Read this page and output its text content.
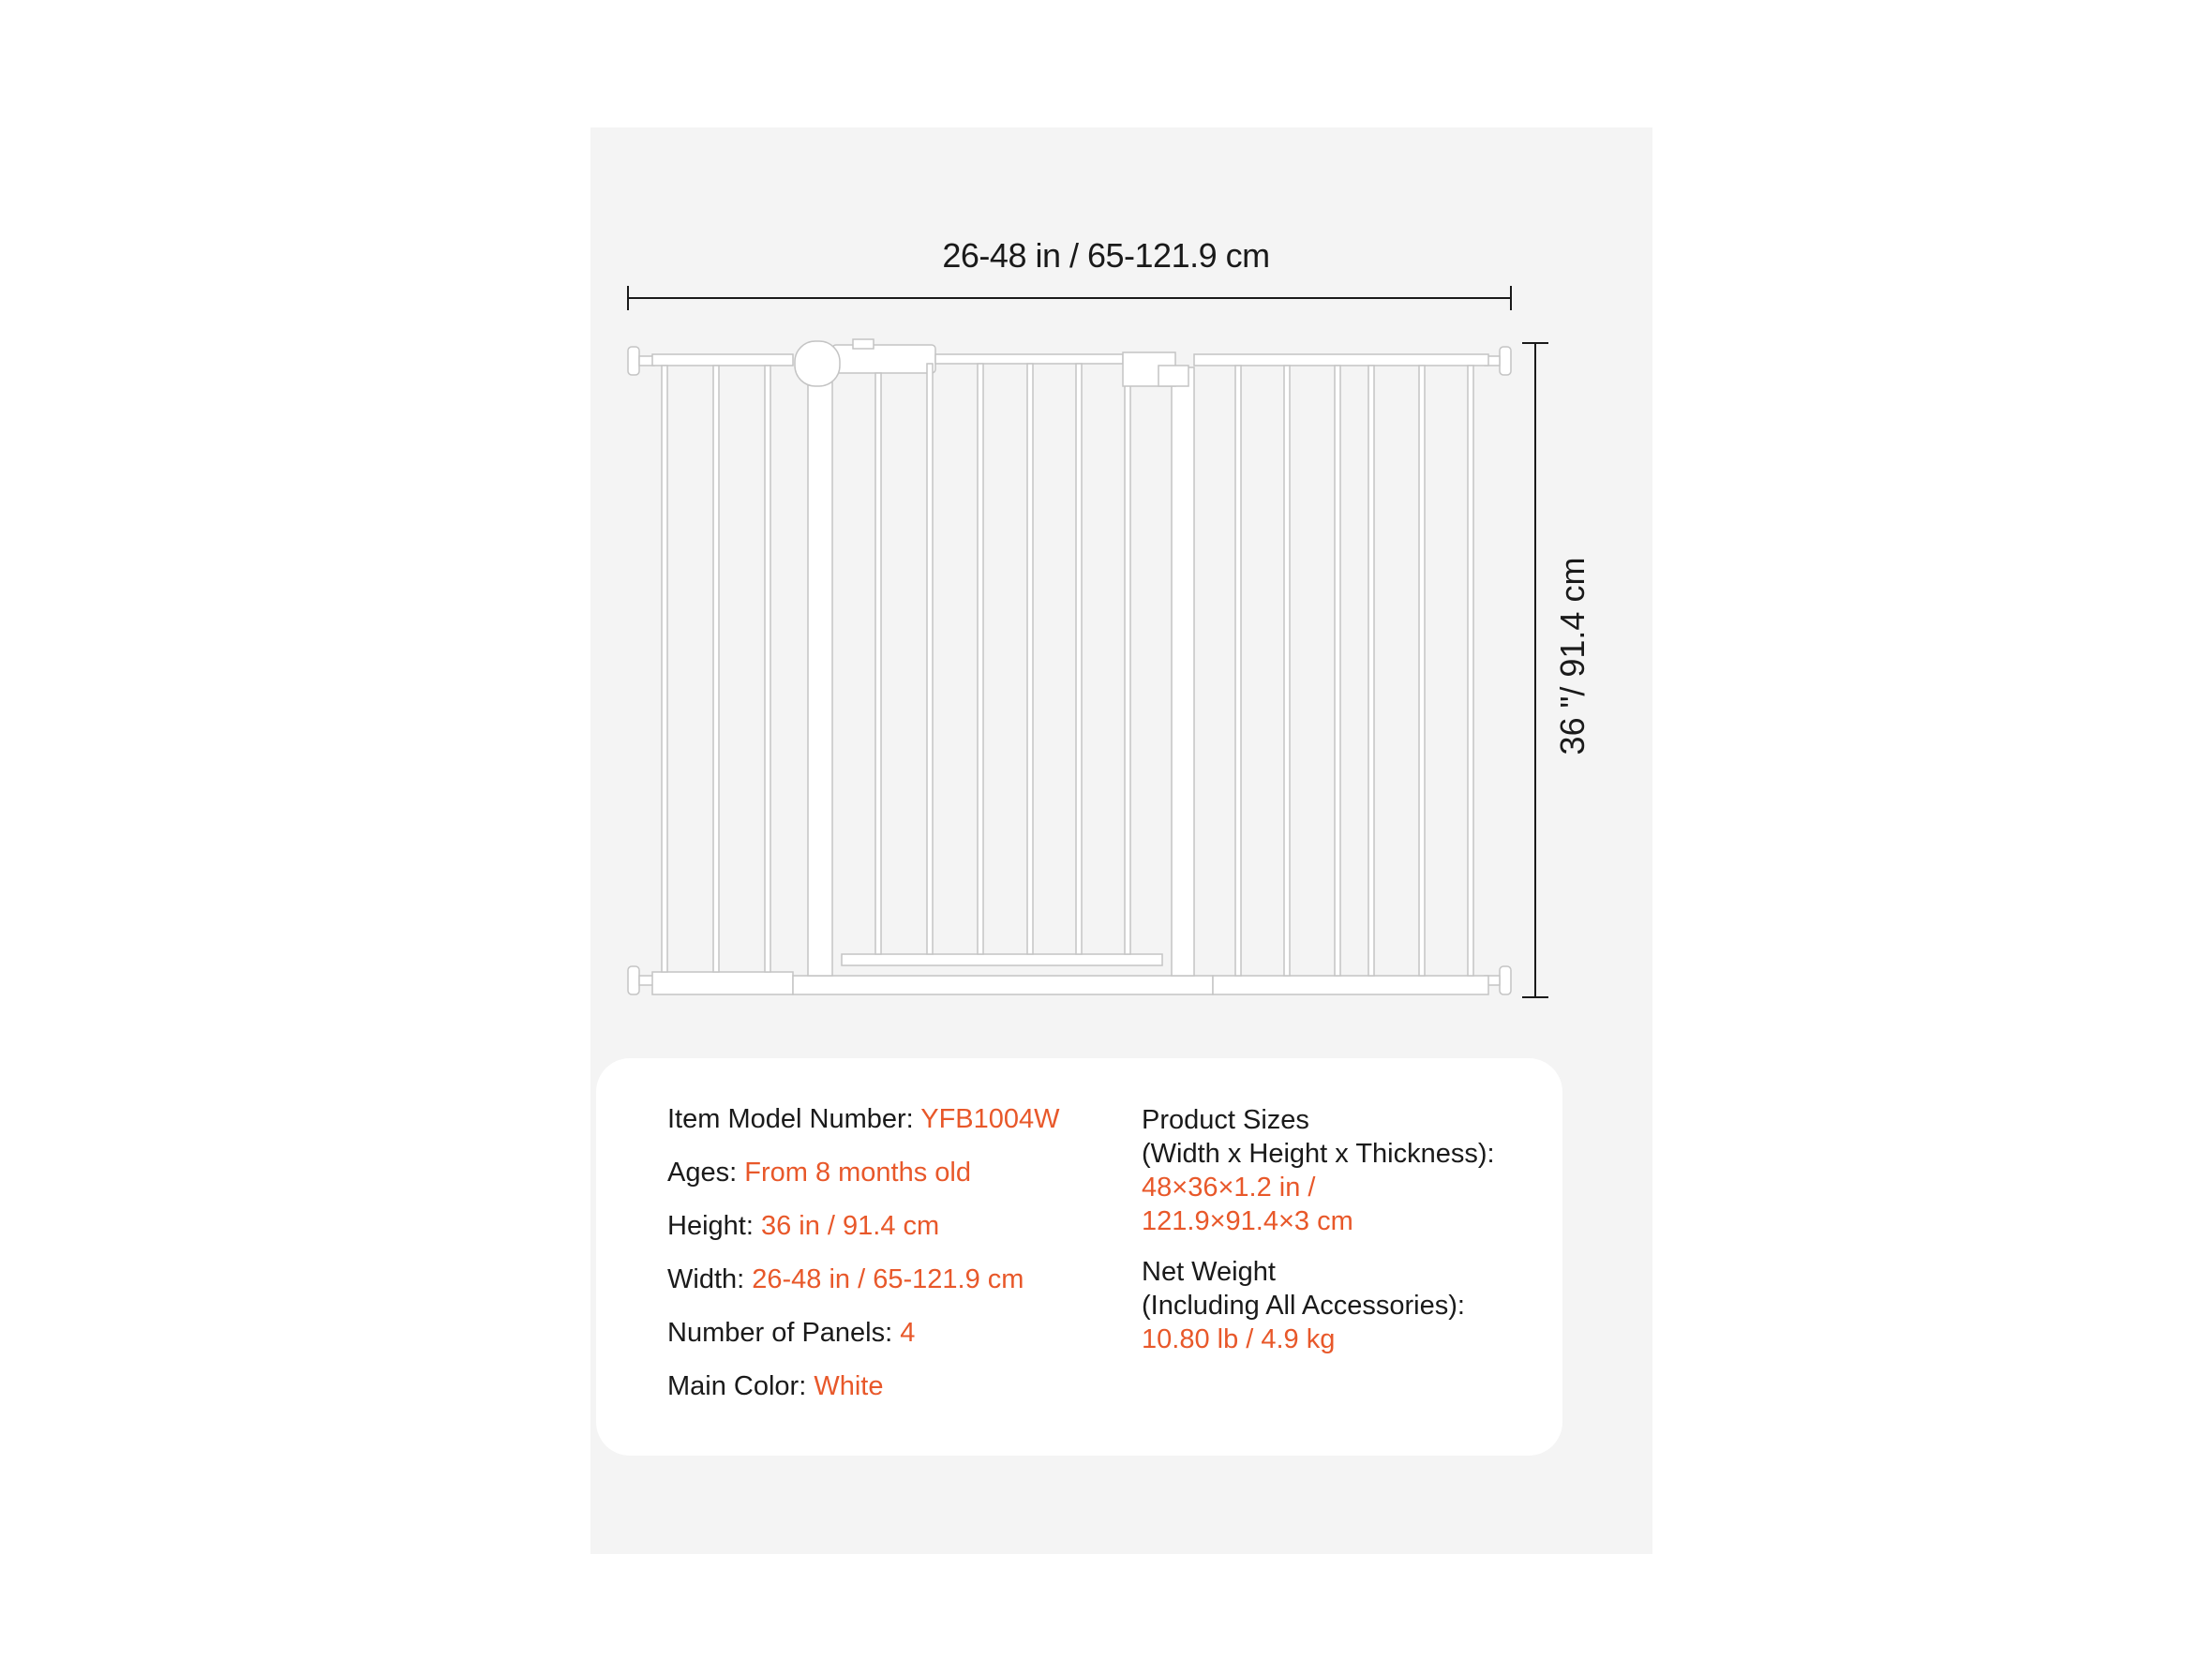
26-48 in / 65-121.9 cm
36 "/ 91.4 cm
Item Model Number: YFB1004W
Ages: From 8 months old
Height: 36 in / 91.4 cm
Width: 26-48 in / 65-121.9 cm
Number of Panels: 4
Main Color: White
Product Sizes
(Width x Height x Thickness):
48×36×1.2 in /
121.9×91.4×3 cm
Net Weight
(Including All Accessories):
10.80 lb / 4.9 kg
